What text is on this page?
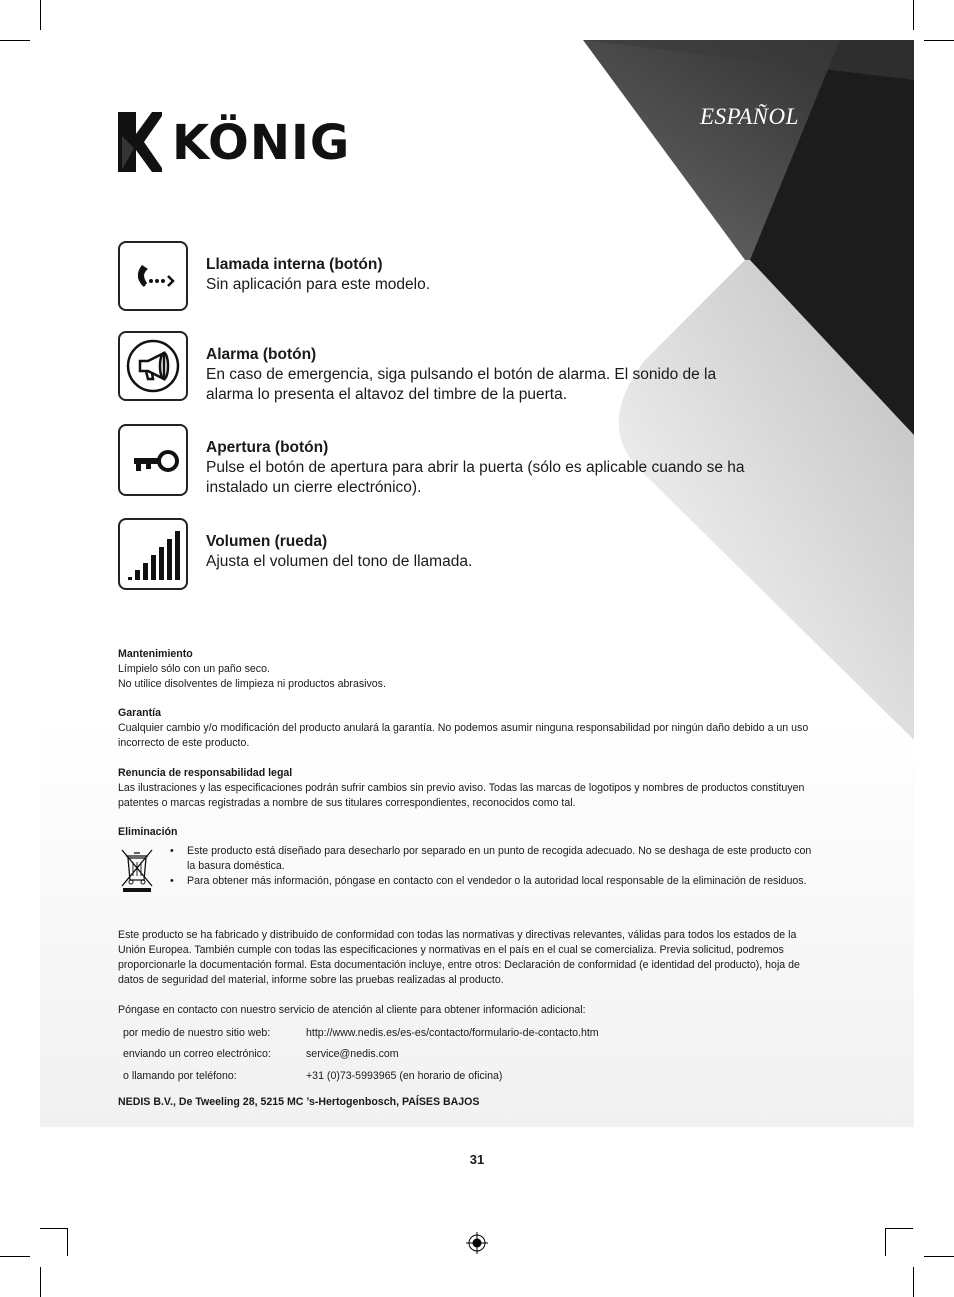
KÖNIG	ESPAÑOL
Llamada interna (botón)
Sin aplicación para este modelo.
Alarma (botón)
En caso de emergencia, siga pulsando el botón de alarma. El sonido de la alarma lo presenta el altavoz del timbre de la puerta.
Apertura (botón)
Pulse el botón de apertura para abrir la puerta (sólo es aplicable cuando se ha instalado un cierre electrónico).
Volumen (rueda)
Ajusta el volumen del tono de llamada.
Mantenimiento
Límpielo sólo con un paño seco.
No utilice disolventes de limpieza ni productos abrasivos.
Garantía
Cualquier cambio y/o modificación del producto anulará la garantía. No podemos asumir ninguna responsabilidad por ningún daño debido a un uso incorrecto de este producto.
Renuncia de responsabilidad legal
Las ilustraciones y las especificaciones podrán sufrir cambios sin previo aviso. Todas las marcas de logotipos y nombres de productos constituyen patentes o marcas registradas a nombre de sus titulares correspondientes, reconocidos como tal.
Eliminación
• Este producto está diseñado para desecharlo por separado en un punto de recogida adecuado. No se deshaga de este producto con la basura doméstica.
• Para obtener más información, póngase en contacto con el vendedor o la autoridad local responsable de la eliminación de residuos.
Este producto se ha fabricado y distribuido de conformidad con todas las normativas y directivas relevantes, válidas para todos los estados de la Unión Europea. También cumple con todas las especificaciones y normativas en el país en el cual se comercializa. Previa solicitud, podremos proporcionarle la documentación formal. Esta documentación incluye, entre otros: Declaración de conformidad (e identidad del producto), hoja de datos de seguridad del material, informe sobre las pruebas realizadas al producto.
Póngase en contacto con nuestro servicio de atención al cliente para obtener información adicional:
por medio de nuestro sitio web:	http://www.nedis.es/es-es/contacto/formulario-de-contacto.htm
enviando un correo electrónico:	service@nedis.com
o llamando por teléfono:	+31 (0)73-5993965 (en horario de oficina)
NEDIS B.V., De Tweeling 28, 5215 MC ’s-Hertogenbosch, PAÍSES BAJOS
31
